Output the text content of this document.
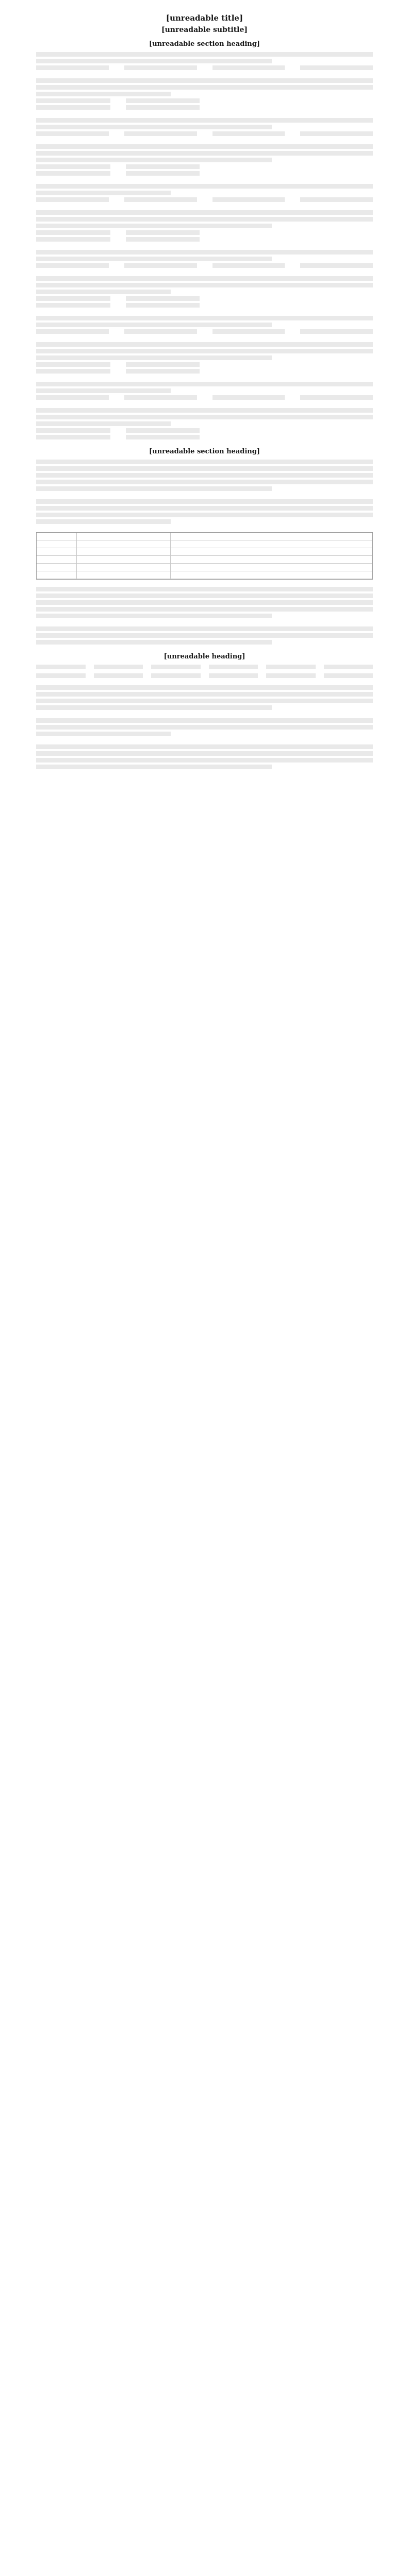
[unreadable title]
[unreadable subtitle]
[unreadable section heading]
[unreadable section heading]
[unreadable heading]
